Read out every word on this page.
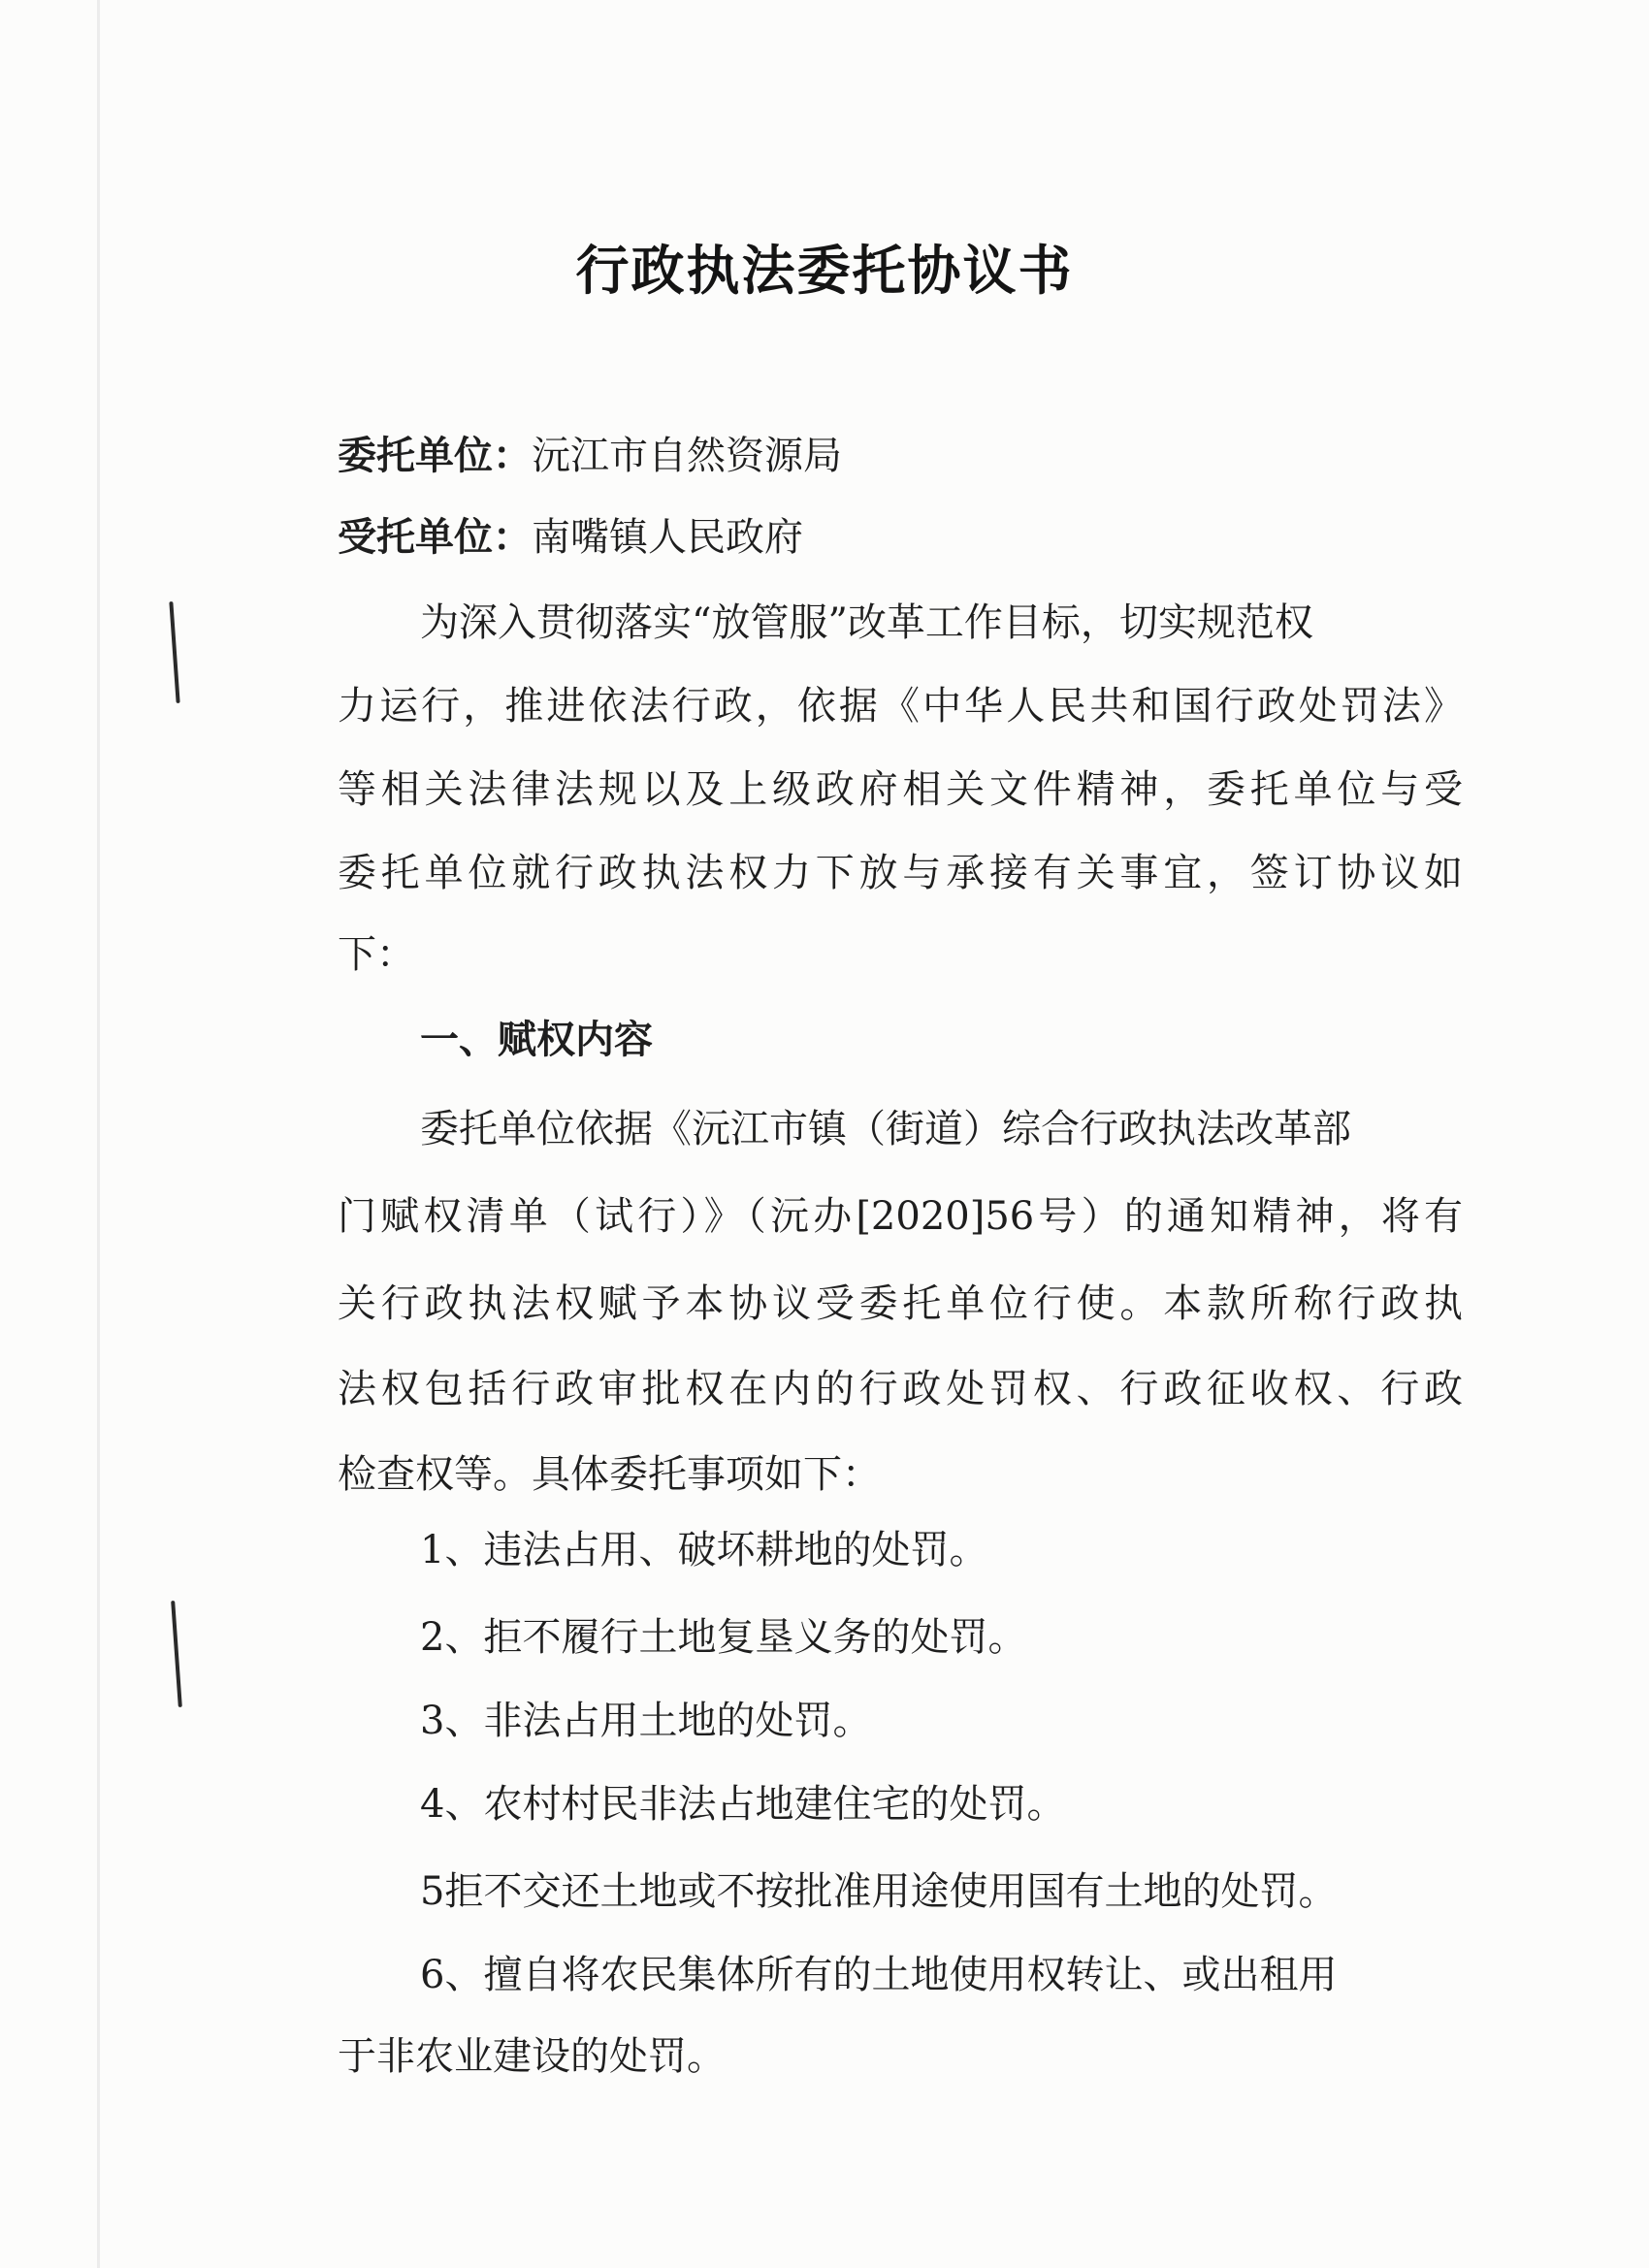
行政执法委托协议书
委托单位：沅江市自然资源局
受托单位：南嘴镇人民政府
为深入贯彻落实“放管服”改革工作目标，切实规范权
力运行，推进依法行政，依据《中华人民共和国行政处罚法》
等相关法律法规以及上级政府相关文件精神，委托单位与受
委托单位就行政执法权力下放与承接有关事宜，签订协议如
下：
一、赋权内容
委托单位依据《沅江市镇（街道）综合行政执法改革部
门赋权清单（试行）》（沅办[2020]56号）的通知精神，将有
关行政执法权赋予本协议受委托单位行使。本款所称行政执
法权包括行政审批权在内的行政处罚权、行政征收权、行政
检查权等。具体委托事项如下：
1、违法占用、破坏耕地的处罚。
2、拒不履行土地复垦义务的处罚。
3、非法占用土地的处罚。
4、农村村民非法占地建住宅的处罚。
5拒不交还土地或不按批准用途使用国有土地的处罚。
6、擅自将农民集体所有的土地使用权转让、或出租用
于非农业建设的处罚。
